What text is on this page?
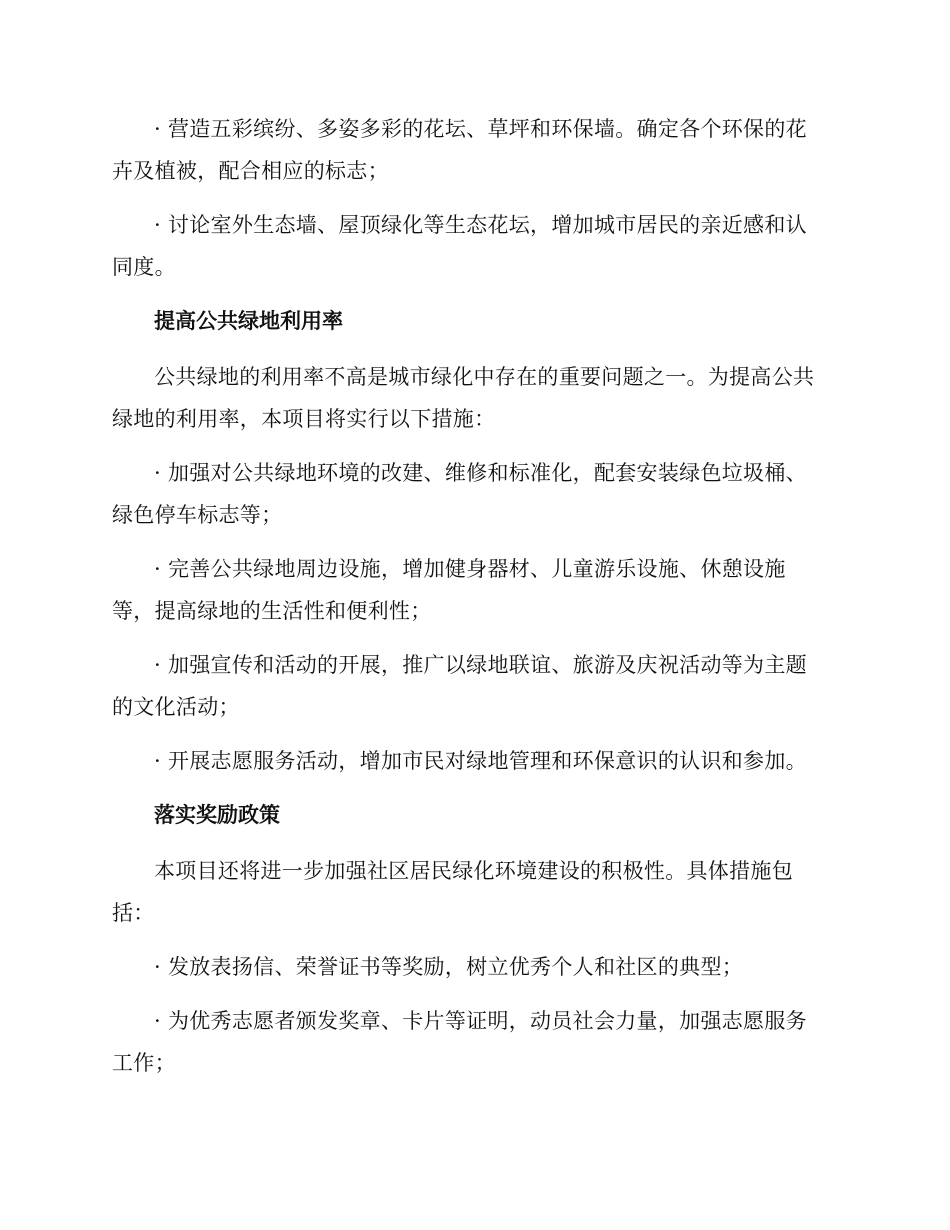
· 营造五彩缤纷、多姿多彩的花坛、草坪和环保墙。确定各个环保的花卉及植被，配合相应的标志；

· 讨论室外生态墙、屋顶绿化等生态花坛，增加城市居民的亲近感和认同度。

提高公共绿地利用率

公共绿地的利用率不高是城市绿化中存在的重要问题之一。为提高公共绿地的利用率，本项目将实行以下措施：

· 加强对公共绿地环境的改建、维修和标准化，配套安装绿色垃圾桶、绿色停车标志等；

· 完善公共绿地周边设施，增加健身器材、儿童游乐设施、休憩设施等，提高绿地的生活性和便利性；

· 加强宣传和活动的开展，推广以绿地联谊、旅游及庆祝活动等为主题的文化活动；

· 开展志愿服务活动，增加市民对绿地管理和环保意识的认识和参加。

落实奖励政策

本项目还将进一步加强社区居民绿化环境建设的积极性。具体措施包括：

· 发放表扬信、荣誉证书等奖励，树立优秀个人和社区的典型；

· 为优秀志愿者颁发奖章、卡片等证明，动员社会力量，加强志愿服务工作；
